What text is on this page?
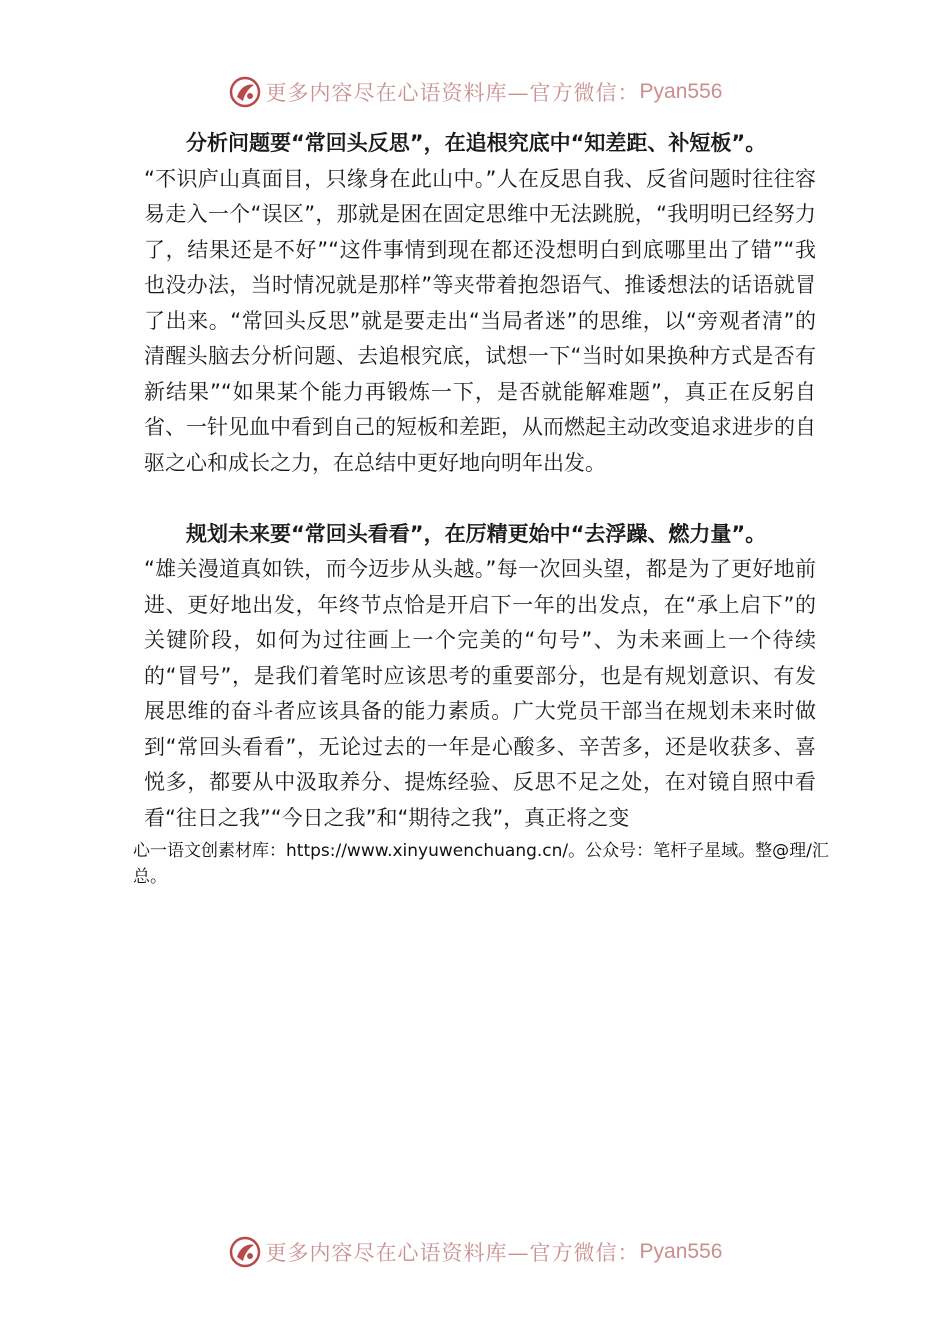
更多内容尽在心语资料库—官方微信： Pyan556
分析问题要“常回头反思”，在追根究底中“知差距、补短板”。
“不识庐山真面目，只缘身在此山中。”人在反思自我、反省问题时往往容易走入一个“误区”，那就是困在固定思维中无法跳脱，“我明明已经努力了，结果还是不好”“这件事情到现在都还没想明白到底哪里出了错”“我也没办法，当时情况就是那样”等夹带着抱怨语气、推诿想法的话语就冒了出来。“常回头反思”就是要走出“当局者迷”的思维，以“旁观者清”的清醒头脑去分析问题、去追根究底，试想一下“当时如果换种方式是否有新结果”“如果某个能力再锻炼一下，是否就能解难题”，真正在反躬自省、一针见血中看到自己的短板和差距，从而燃起主动改变追求进步的自驱之心和成长之力，在总结中更好地向明年出发。
规划未来要“常回头看看”，在厉精更始中“去浮躁、燃力量”。
“雄关漫道真如铁，而今迈步从头越。”每一次回头望，都是为了更好地前进、更好地出发，年终节点恰是开启下一年的出发点，在“承上启下”的关键阶段，如何为过往画上一个完美的“句号”、为未来画上一个待续的“冒号”，是我们着笔时应该思考的重要部分，也是有规划意识、有发展思维的奋斗者应该具备的能力素质。广大党员干部当在规划未来时做到“常回头看看”，无论过去的一年是心酸多、辛苦多，还是收获多、喜悦多，都要从中汲取养分、提炼经验、反思不足之处，在对镜自照中看看“往日之我”“今日之我”和“期待之我”，真正将之变
心一语文创素材库：https://www.xinyuwenchuang.cn/。公众号：笔杆子星域。整@理/汇总。
更多内容尽在心语资料库—官方微信： Pyan556
